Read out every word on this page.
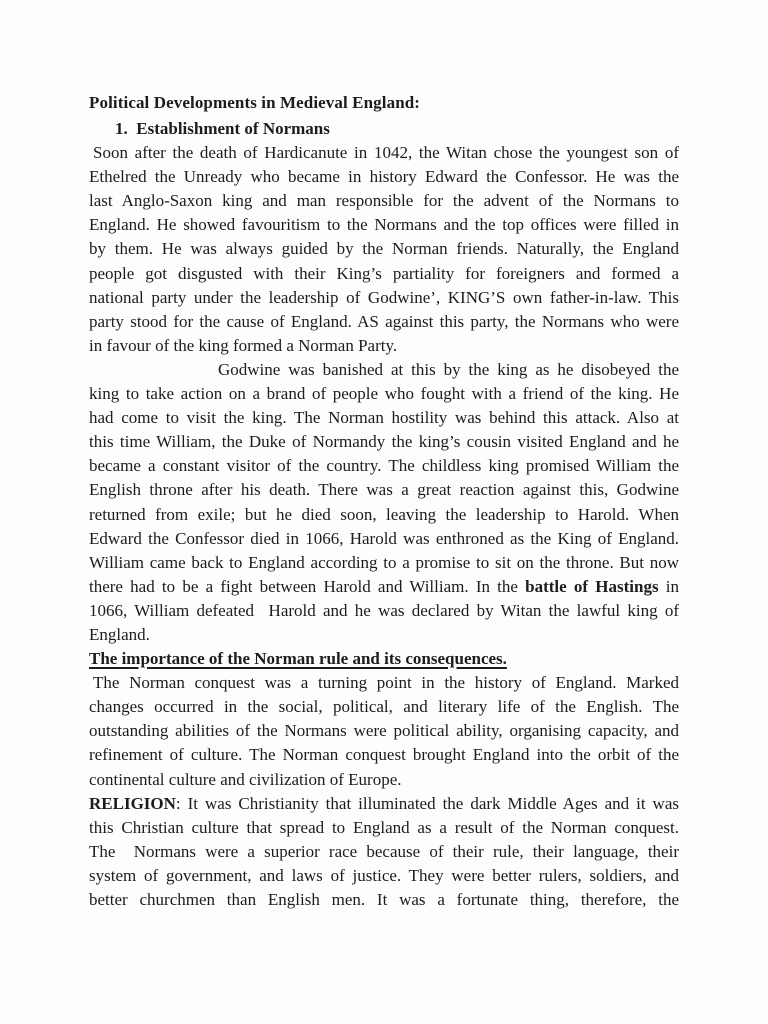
Political Developments in Medieval England:
1.  Establishment of Normans
Soon after the death of Hardicanute in 1042, the Witan chose the youngest son of
Ethelred the Unready who became in history Edward the Confessor. He was the
last Anglo-Saxon king and man responsible for the advent of the Normans to
England. He showed favouritism to the Normans and the top offices were filled in
by them. He was always guided by the Norman friends. Naturally, the England
people got disgusted with their King’s partiality for foreigners and formed a
national party under the leadership of Godwine’, KING’S own father-in-law. This
party stood for the cause of England. AS against this party, the Normans who were
in favour of the king formed a Norman Party.
Godwine was banished at this by the king as he disobeyed the
king to take action on a brand of people who fought with a friend of the king. He
had come to visit the king. The Norman hostility was behind this attack. Also at
this time William, the Duke of Normandy the king’s cousin visited England and he
became a constant visitor of the country. The childless king promised William the
English throne after his death. There was a great reaction against this, Godwine
returned from exile; but he died soon, leaving the leadership to Harold. When
Edward the Confessor died in 1066, Harold was enthroned as the King of England.
William came back to England according to a promise to sit on the throne. But now
there had to be a fight between Harold and William. In the battle of Hastings in
1066, William defeated  Harold and he was declared by Witan the lawful king of
England.
The importance of the Norman rule and its consequences.
The Norman conquest was a turning point in the history of England. Marked
changes occurred in the social, political, and literary life of the English. The
outstanding abilities of the Normans were political ability, organising capacity, and
refinement of culture. The Norman conquest brought England into the orbit of the
continental culture and civilization of Europe.
RELIGION: It was Christianity that illuminated the dark Middle Ages and it was
this Christian culture that spread to England as a result of the Norman conquest.
The  Normans were a superior race because of their rule, their language, their
system of government, and laws of justice. They were better rulers, soldiers, and
better churchmen than English men. It was a fortunate thing, therefore, the
